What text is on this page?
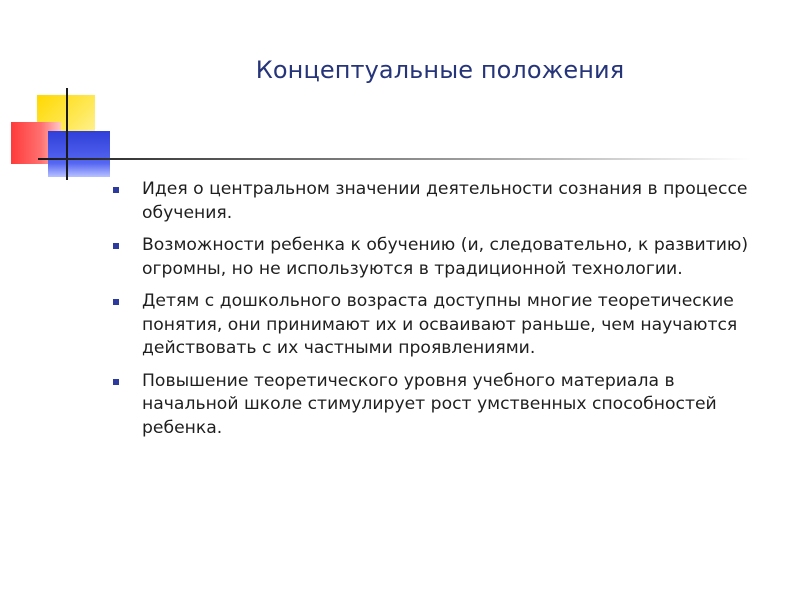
Концептуальные положения
Идея о центральном значении деятельности сознания в процессе обучения.
Возможности ребенка к обучению (и, следовательно, к развитию) огромны, но не используются в традиционной технологии.
Детям с дошкольного возраста доступны многие теоретические понятия, они принимают их и осваивают раньше, чем научаются действовать с их частными проявлениями.
Повышение теоретического уровня учебного материала в начальной школе стимулирует рост умственных способностей ребенка.
